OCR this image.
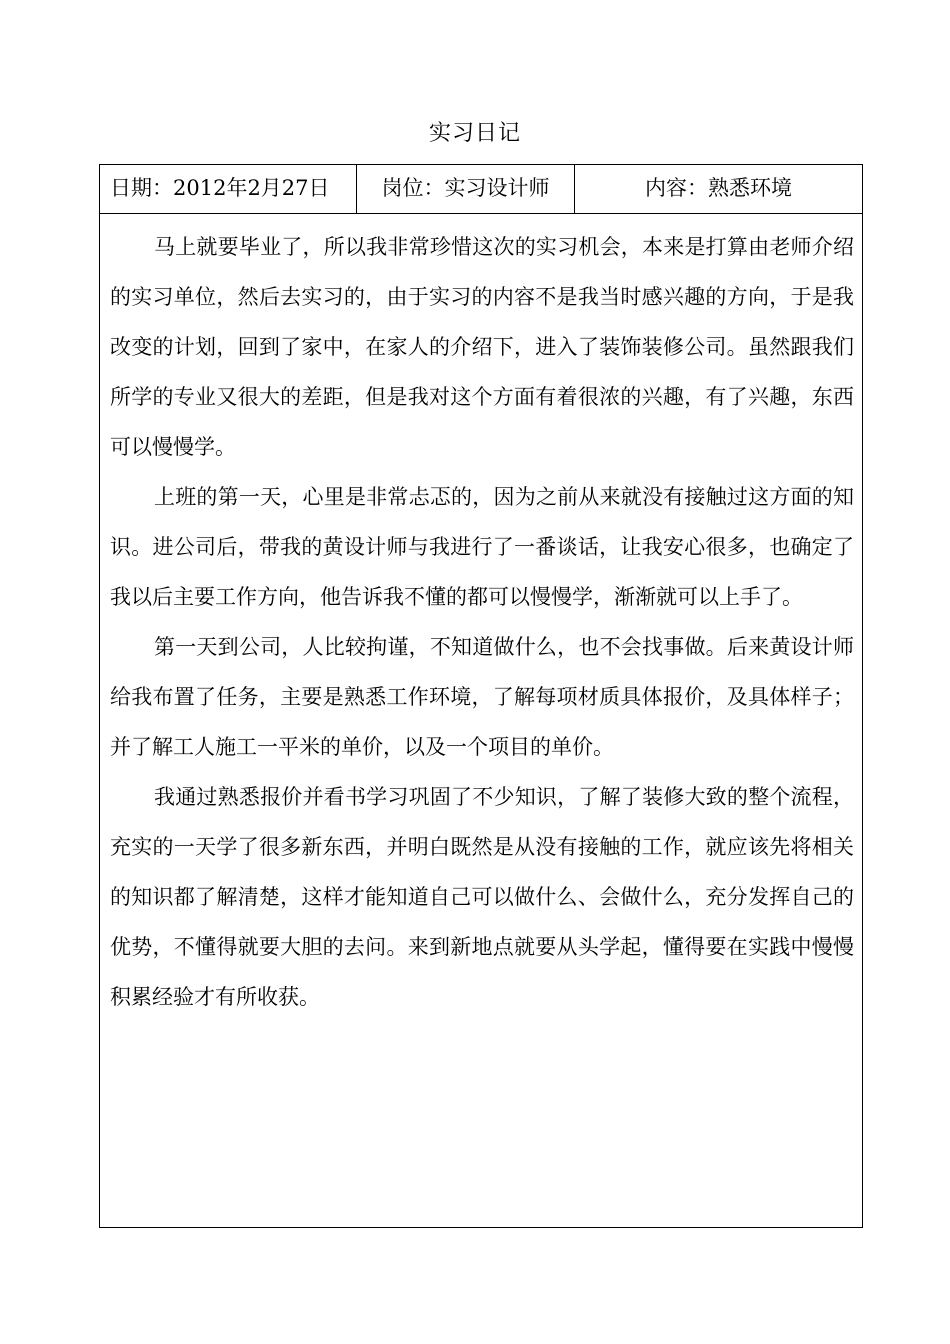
实习日记
日期：2012年2月27日	岗位：实习设计师	内容：熟悉环境

马上就要毕业了，所以我非常珍惜这次的实习机会，本来是打算由老师介绍的实习单位，然后去实习的，由于实习的内容不是我当时感兴趣的方向，于是我改变的计划，回到了家中，在家人的介绍下，进入了装饰装修公司。虽然跟我们所学的专业又很大的差距，但是我对这个方面有着很浓的兴趣，有了兴趣，东西可以慢慢学。

上班的第一天，心里是非常忐忑的，因为之前从来就没有接触过这方面的知识。进公司后，带我的黄设计师与我进行了一番谈话，让我安心很多，也确定了我以后主要工作方向，他告诉我不懂的都可以慢慢学，渐渐就可以上手了。

第一天到公司，人比较拘谨，不知道做什么，也不会找事做。后来黄设计师给我布置了任务，主要是熟悉工作环境，了解每项材质具体报价，及具体样子；并了解工人施工一平米的单价，以及一个项目的单价。

我通过熟悉报价并看书学习巩固了不少知识，了解了装修大致的整个流程，充实的一天学了很多新东西，并明白既然是从没有接触的工作，就应该先将相关的知识都了解清楚，这样才能知道自己可以做什么、会做什么，充分发挥自己的优势，不懂得就要大胆的去问。来到新地点就要从头学起，懂得要在实践中慢慢积累经验才有所收获。
